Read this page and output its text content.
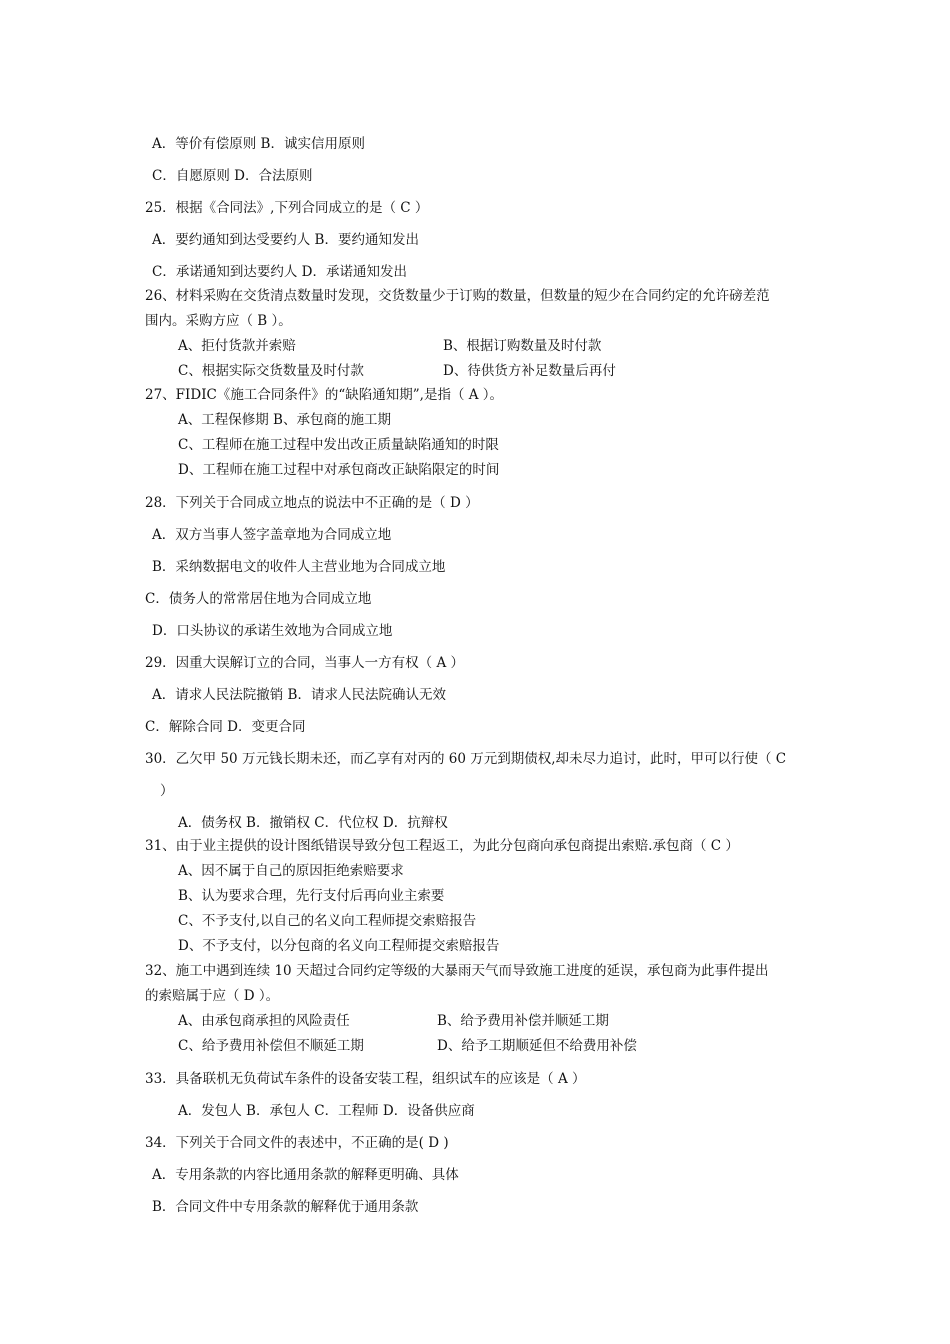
A．等价有偿原则 B．诚实信用原则
C．自愿原则 D．合法原则
25．根据《合同法》,下列合同成立的是（ C ）
A．要约通知到达受要约人 B．要约通知发出
C．承诺通知到达要约人 D．承诺通知发出
26、材料采购在交货清点数量时发现，交货数量少于订购的数量，但数量的短少在合同约定的允许磅差范
围内。采购方应（ B ）。
A、拒付货款并索赔	B、根据订购数量及时付款
C、根据实际交货数量及时付款	D、待供货方补足数量后再付
27、FIDIC《施工合同条件》的“缺陷通知期”,是指（ A ）。
A、工程保修期 B、承包商的施工期
C、工程师在施工过程中发出改正质量缺陷通知的时限
D、工程师在施工过程中对承包商改正缺陷限定的时间
28．下列关于合同成立地点的说法中不正确的是（ D ）
A．双方当事人签字盖章地为合同成立地
B．采纳数据电文的收件人主营业地为合同成立地
C．债务人的常常居住地为合同成立地
D．口头协议的承诺生效地为合同成立地
29．因重大误解订立的合同，当事人一方有权（ A ）
A．请求人民法院撤销 B．请求人民法院确认无效
C．解除合同 D．变更合同
30．乙欠甲 50 万元钱长期未还，而乙享有对丙的 60 万元到期债权,却未尽力追讨，此时，甲可以行使（ C
）
A．债务权 B．撤销权 C．代位权 D．抗辩权
31、由于业主提供的设计图纸错误导致分包工程返工，为此分包商向承包商提出索赔.承包商（ C ）
A、因不属于自己的原因拒绝索赔要求
B、认为要求合理，先行支付后再向业主索要
C、不予支付,以自己的名义向工程师提交索赔报告
D、不予支付，以分包商的名义向工程师提交索赔报告
32、施工中遇到连续 10 天超过合同约定等级的大暴雨天气而导致施工进度的延误，承包商为此事件提出
的索赔属于应（ D ）。
A、由承包商承担的风险责任	B、给予费用补偿并顺延工期
C、给予费用补偿但不顺延工期	D、给予工期顺延但不给费用补偿
33．具备联机无负荷试车条件的设备安装工程，组织试车的应该是（ A ）
A．发包人 B．承包人 C．工程师 D．设备供应商
34．下列关于合同文件的表述中，不正确的是( D )
A．专用条款的内容比通用条款的解释更明确、具体
B．合同文件中专用条款的解释优于通用条款
